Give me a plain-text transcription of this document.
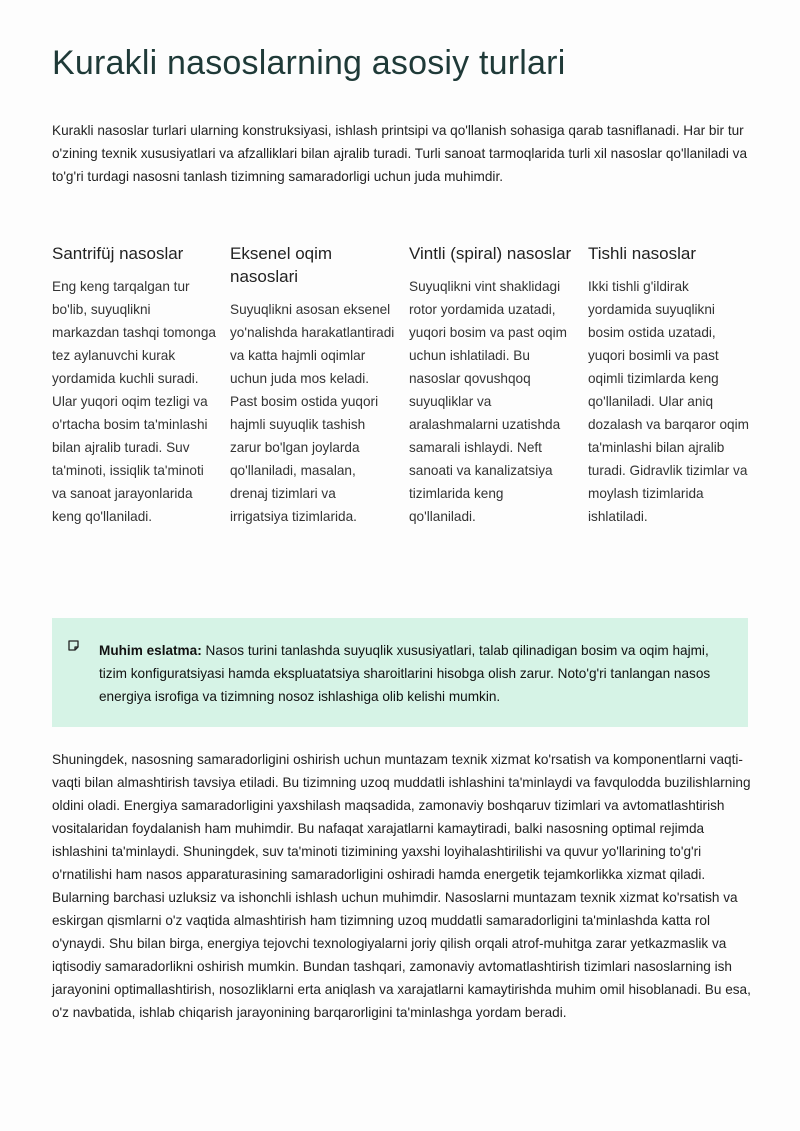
Kurakli nasoslarning asosiy turlari

Kurakli nasoslar turlari ularning konstruksiyasi, ishlash printsipi va qo'llanish sohasiga qarab tasniflanadi. Har bir tur o'zining texnik xususiyatlari va afzalliklari bilan ajralib turadi. Turli sanoat tarmoqlarida turli xil nasoslar qo'llaniladi va to'g'ri turdagi nasosni tanlash tizimning samaradorligi uchun juda muhimdir.

Santrifüj nasoslar

Eng keng tarqalgan tur bo'lib, suyuqlikni markazdan tashqi tomonga tez aylanuvchi kurak yordamida kuchli suradi. Ular yuqori oqim tezligi va o'rtacha bosim ta'minlashi bilan ajralib turadi. Suv ta'minoti, issiqlik ta'minoti va sanoat jarayonlarida keng qo'llaniladi.

Eksenel oqim nasoslari

Suyuqlikni asosan eksenel yo'nalishda harakatlantiradi va katta hajmli oqimlar uchun juda mos keladi. Past bosim ostida yuqori hajmli suyuqlik tashish zarur bo'lgan joylarda qo'llaniladi, masalan, drenaj tizimlari va irrigatsiya tizimlarida.

Vintli (spiral) nasoslar

Suyuqlikni vint shaklidagi rotor yordamida uzatadi, yuqori bosim va past oqim uchun ishlatiladi. Bu nasoslar qovushqoq suyuqliklar va aralashmalarni uzatishda samarali ishlaydi. Neft sanoati va kanalizatsiya tizimlarida keng qo'llaniladi.

Tishli nasoslar

Ikki tishli g'ildirak yordamida suyuqlikni bosim ostida uzatadi, yuqori bosimli va past oqimli tizimlarda keng qo'llaniladi. Ular aniq dozalash va barqaror oqim ta'minlashi bilan ajralib turadi. Gidravlik tizimlar va moylash tizimlarida ishlatiladi.

Muhim eslatma: Nasos turini tanlashda suyuqlik xususiyatlari, talab qilinadigan bosim va oqim hajmi, tizim konfiguratsiyasi hamda ekspluatatsiya sharoitlarini hisobga olish zarur. Noto'g'ri tanlangan nasos energiya isrofiga va tizimning nosoz ishlashiga olib kelishi mumkin.

Shuningdek, nasosning samaradorligini oshirish uchun muntazam texnik xizmat ko'rsatish va komponentlarni vaqti-vaqti bilan almashtirish tavsiya etiladi. Bu tizimning uzoq muddatli ishlashini ta'minlaydi va favqulodda buzilishlarning oldini oladi. Energiya samaradorligini yaxshilash maqsadida, zamonaviy boshqaruv tizimlari va avtomatlashtirish vositalaridan foydalanish ham muhimdir. Bu nafaqat xarajatlarni kamaytiradi, balki nasosning optimal rejimda ishlashini ta'minlaydi. Shuningdek, suv ta'minoti tizimining yaxshi loyihalashtirilishi va quvur yo'llarining to'g'ri o'rnatilishi ham nasos apparaturasining samaradorligini oshiradi hamda energetik tejamkorlikka xizmat qiladi. Bularning barchasi uzluksiz va ishonchli ishlash uchun muhimdir. Nasoslarni muntazam texnik xizmat ko'rsatish va eskirgan qismlarni o'z vaqtida almashtirish ham tizimning uzoq muddatli samaradorligini ta'minlashda katta rol o'ynaydi. Shu bilan birga, energiya tejovchi texnologiyalarni joriy qilish orqali atrof-muhitga zarar yetkazmaslik va iqtisodiy samaradorlikni oshirish mumkin. Bundan tashqari, zamonaviy avtomatlashtirish tizimlari nasoslarning ish jarayonini optimallashtirish, nosozliklarni erta aniqlash va xarajatlarni kamaytirishda muhim omil hisoblanadi. Bu esa, o'z navbatida, ishlab chiqarish jarayonining barqarorligini ta'minlashga yordam beradi.
